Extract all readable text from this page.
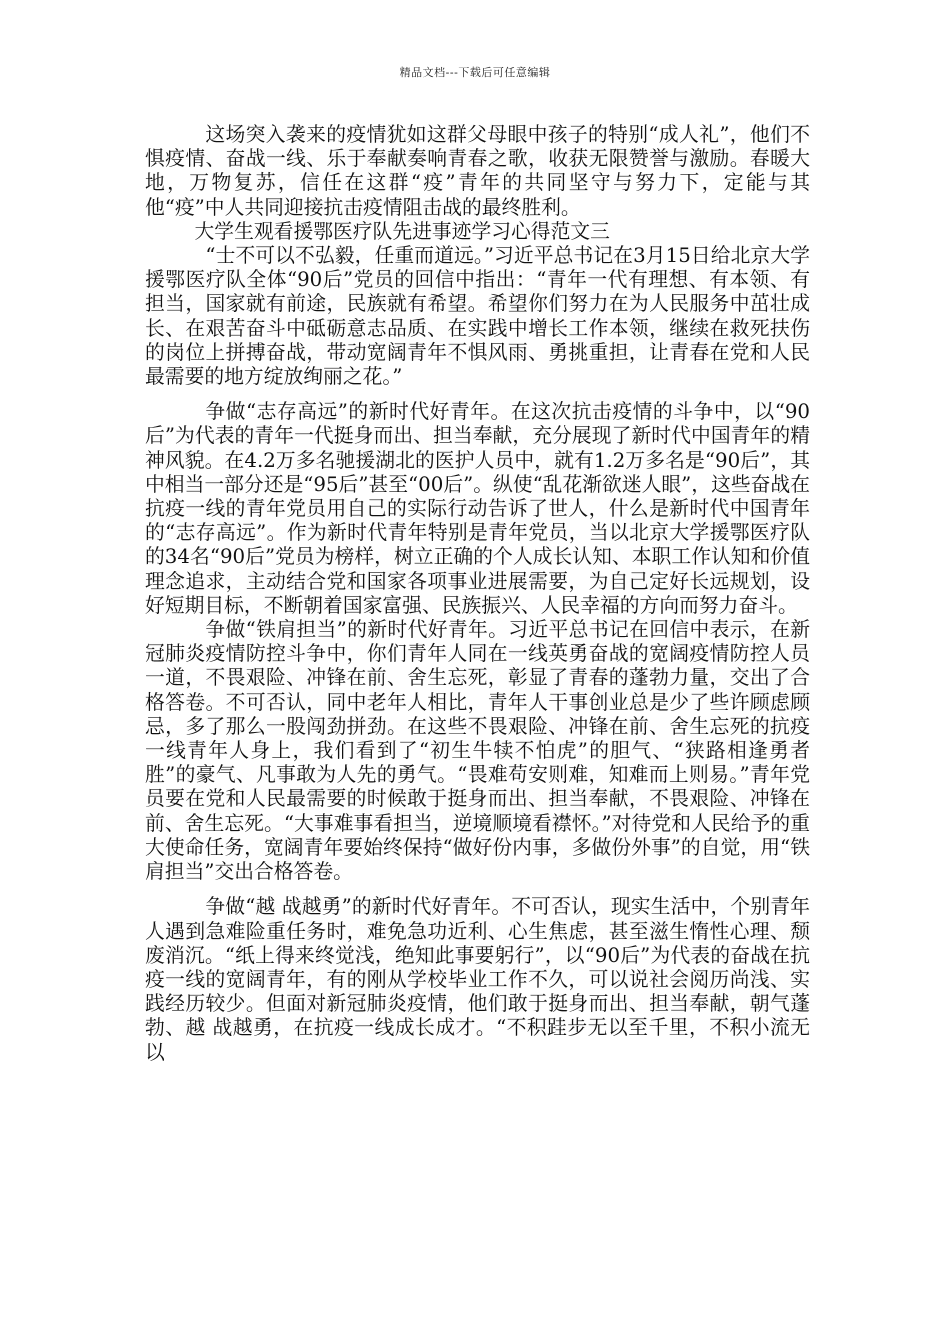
精品文档---下载后可任意编辑

这场突入袭来的疫情犹如这群父母眼中孩子的特别“成人礼”，他们不惧疫情、奋战一线、乐于奉献奏响青春之歌，收获无限赞誉与激励。春暖大地，万物复苏，信任在这群“疫”青年的共同坚守与努力下，定能与其他“疫”中人共同迎接抗击疫情阻击战的最终胜利。

大学生观看援鄂医疗队先进事迹学习心得范文三

“士不可以不弘毅，任重而道远。”习近平总书记在3月15日给北京大学援鄂医疗队全体“90后”党员的回信中指出：“青年一代有理想、有本领、有担当，国家就有前途，民族就有希望。希望你们努力在为人民服务中茁壮成长、在艰苦奋斗中砥砺意志品质、在实践中增长工作本领，继续在救死扶伤的岗位上拼搏奋战，带动宽阔青年不惧风雨、勇挑重担，让青春在党和人民最需要的地方绽放绚丽之花。”

争做“志存高远”的新时代好青年。在这次抗击疫情的斗争中，以“90后”为代表的青年一代挺身而出、担当奉献，充分展现了新时代中国青年的精神风貌。在4.2万多名驰援湖北的医护人员中，就有1.2万多名是“90后”，其中相当一部分还是“95后”甚至“00后”。纵使“乱花渐欲迷人眼”，这些奋战在抗疫一线的青年党员用自己的实际行动告诉了世人，什么是新时代中国青年的“志存高远”。作为新时代青年特别是青年党员，当以北京大学援鄂医疗队的34名“90后”党员为榜样，树立正确的个人成长认知、本职工作认知和价值理念追求，主动结合党和国家各项事业进展需要，为自己定好长远规划，设好短期目标，不断朝着国家富强、民族振兴、人民幸福的方向而努力奋斗。

争做“铁肩担当”的新时代好青年。习近平总书记在回信中表示，在新冠肺炎疫情防控斗争中，你们青年人同在一线英勇奋战的宽阔疫情防控人员一道，不畏艰险、冲锋在前、舍生忘死，彰显了青春的蓬勃力量，交出了合格答卷。不可否认，同中老年人相比，青年人干事创业总是少了些许顾虑顾忌，多了那么一股闯劲拼劲。在这些不畏艰险、冲锋在前、舍生忘死的抗疫一线青年人身上，我们看到了“初生牛犊不怕虎”的胆气、“狭路相逢勇者胜”的豪气、凡事敢为人先的勇气。“畏难苟安则难，知难而上则易。”青年党员要在党和人民最需要的时候敢于挺身而出、担当奉献，不畏艰险、冲锋在前、舍生忘死。“大事难事看担当，逆境顺境看襟怀。”对待党和人民给予的重大使命任务，宽阔青年要始终保持“做好份内事，多做份外事”的自觉，用“铁肩担当”交出合格答卷。

争做“越 战越勇”的新时代好青年。不可否认，现实生活中，个别青年人遇到急难险重任务时，难免急功近利、心生焦虑，甚至滋生惰性心理、颓废消沉。“纸上得来终觉浅，绝知此事要躬行”，以“90后”为代表的奋战在抗疫一线的宽阔青年，有的刚从学校毕业工作不久，可以说社会阅历尚浅、实践经历较少。但面对新冠肺炎疫情，他们敢于挺身而出、担当奉献，朝气蓬勃、越 战越勇，在抗疫一线成长成才。“不积跬步无以至千里，不积小流无以
